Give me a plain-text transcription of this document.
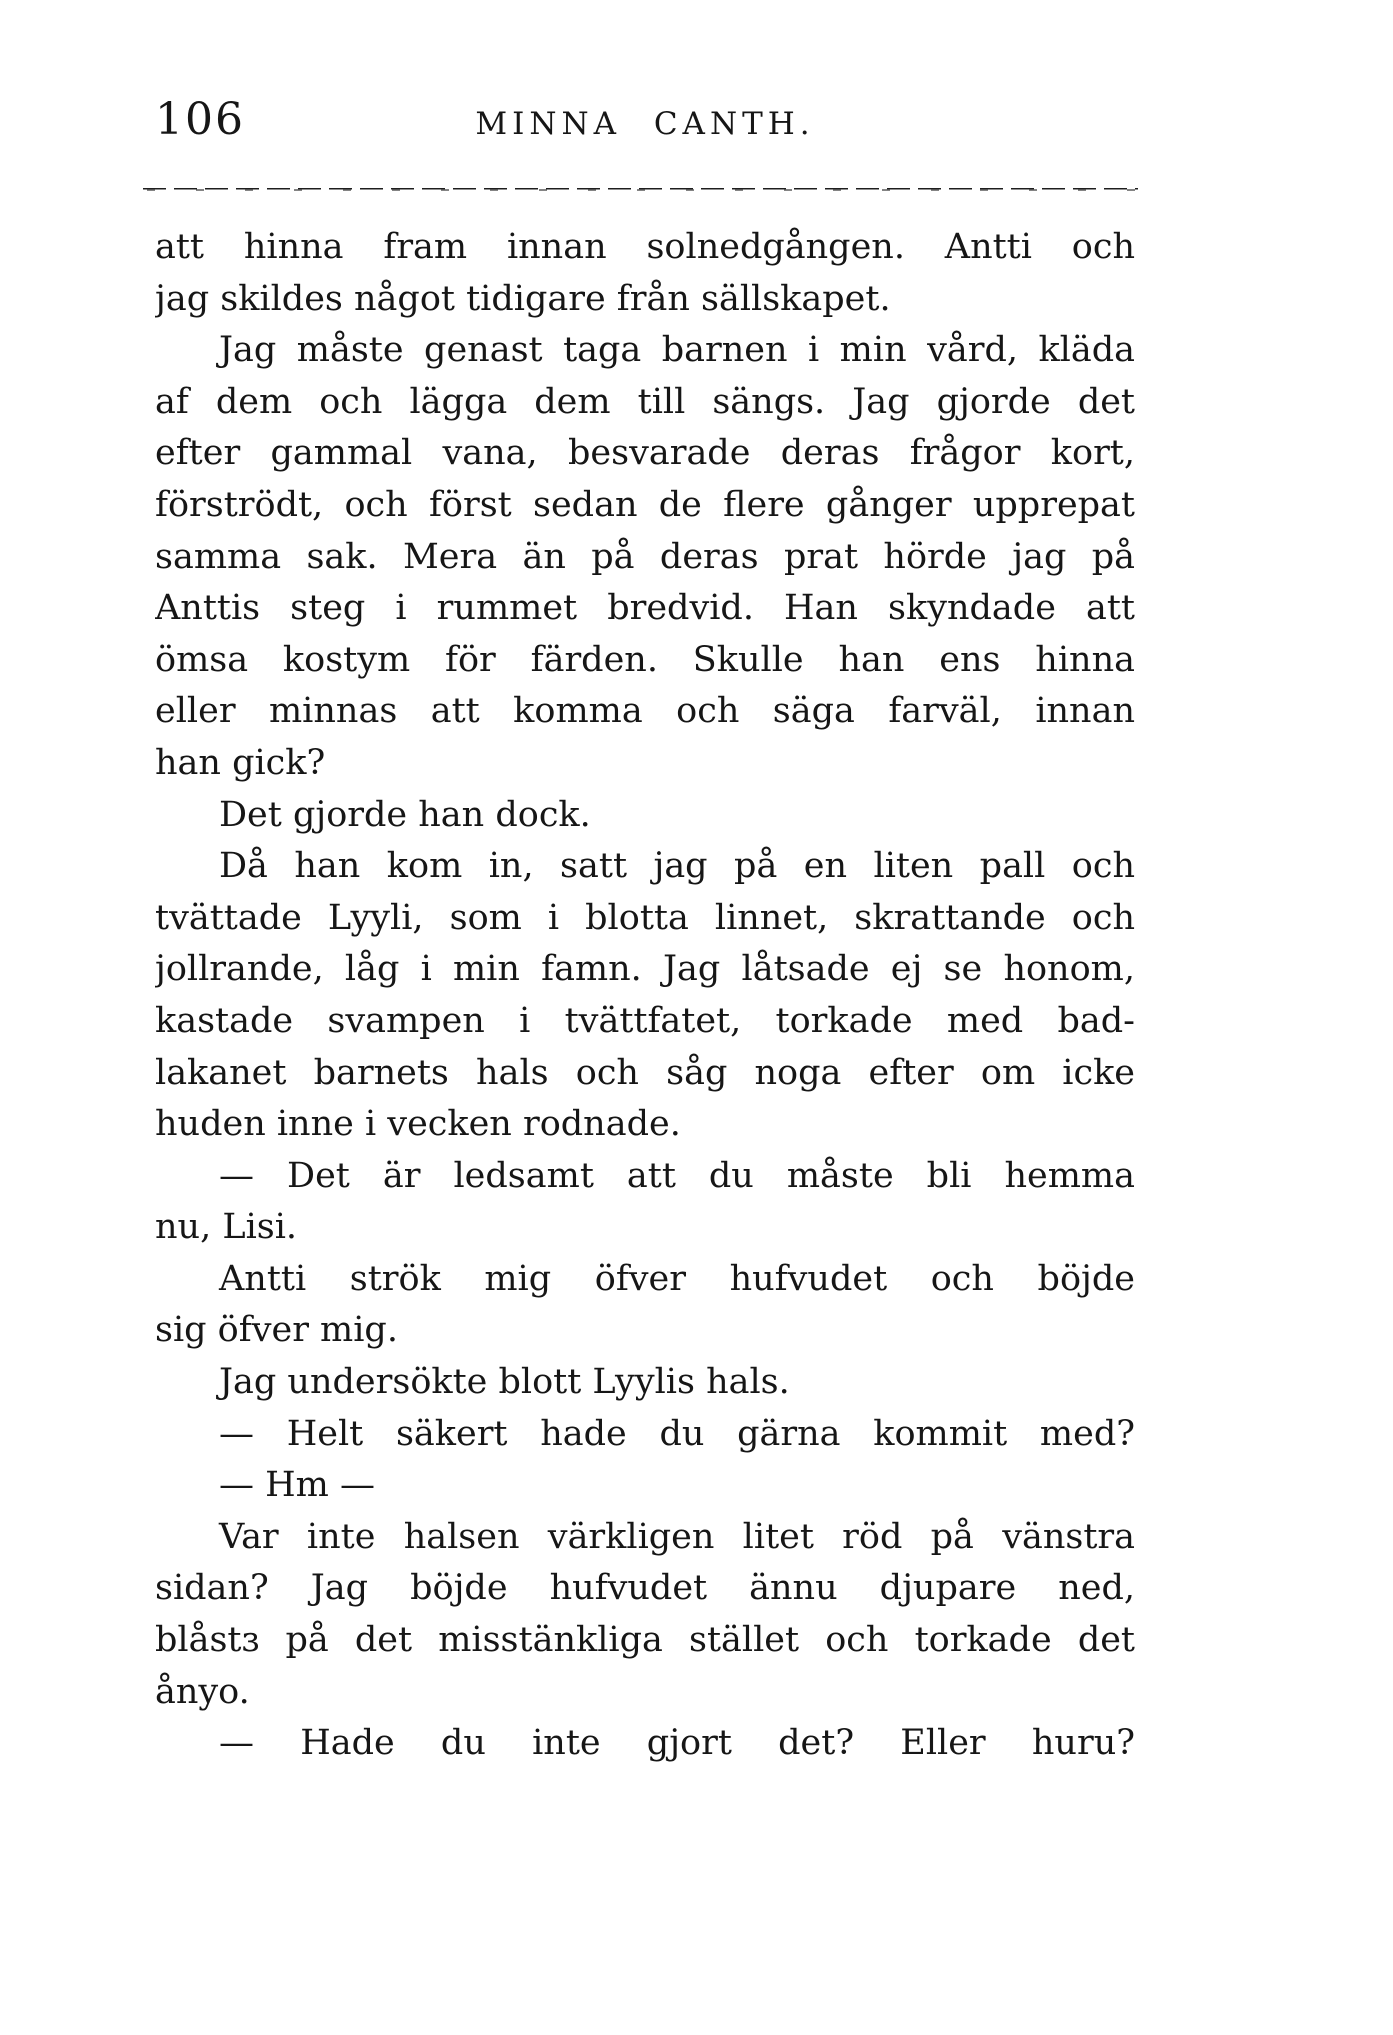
106	MINNA CANTH.
att hinna fram innan solnedgången. Antti och
jag skildes något tidigare från sällskapet.
Jag måste genast taga barnen i min vård, kläda
af dem och lägga dem till sängs. Jag gjorde det
efter gammal vana, besvarade deras frågor kort,
förströdt, och först sedan de flere gånger upprepat
samma sak. Mera än på deras prat hörde jag på
Anttis steg i rummet bredvid. Han skyndade att
ömsa kostym för färden. Skulle han ens hinna
eller minnas att komma och säga farväl, innan
han gick?
Det gjorde han dock.
Då han kom in, satt jag på en liten pall och
tvättade Lyyli, som i blotta linnet, skrattande och
jollrande, låg i min famn. Jag låtsade ej se honom,
kastade svampen i tvättfatet, torkade med bad-
lakanet barnets hals och såg noga efter om icke
huden inne i vecken rodnade.
— Det är ledsamt att du måste bli hemma
nu, Lisi.
Antti strök mig öfver hufvudet och böjde
sig öfver mig.
Jag undersökte blott Lyylis hals.
— Helt säkert hade du gärna kommit med?
— Hm —
Var inte halsen värkligen litet röd på vänstra
sidan? Jag böjde hufvudet ännu djupare ned,
blåstɜ på det misstänkliga stället och torkade det
ånyo.
— Hade du inte gjort det? Eller huru?
